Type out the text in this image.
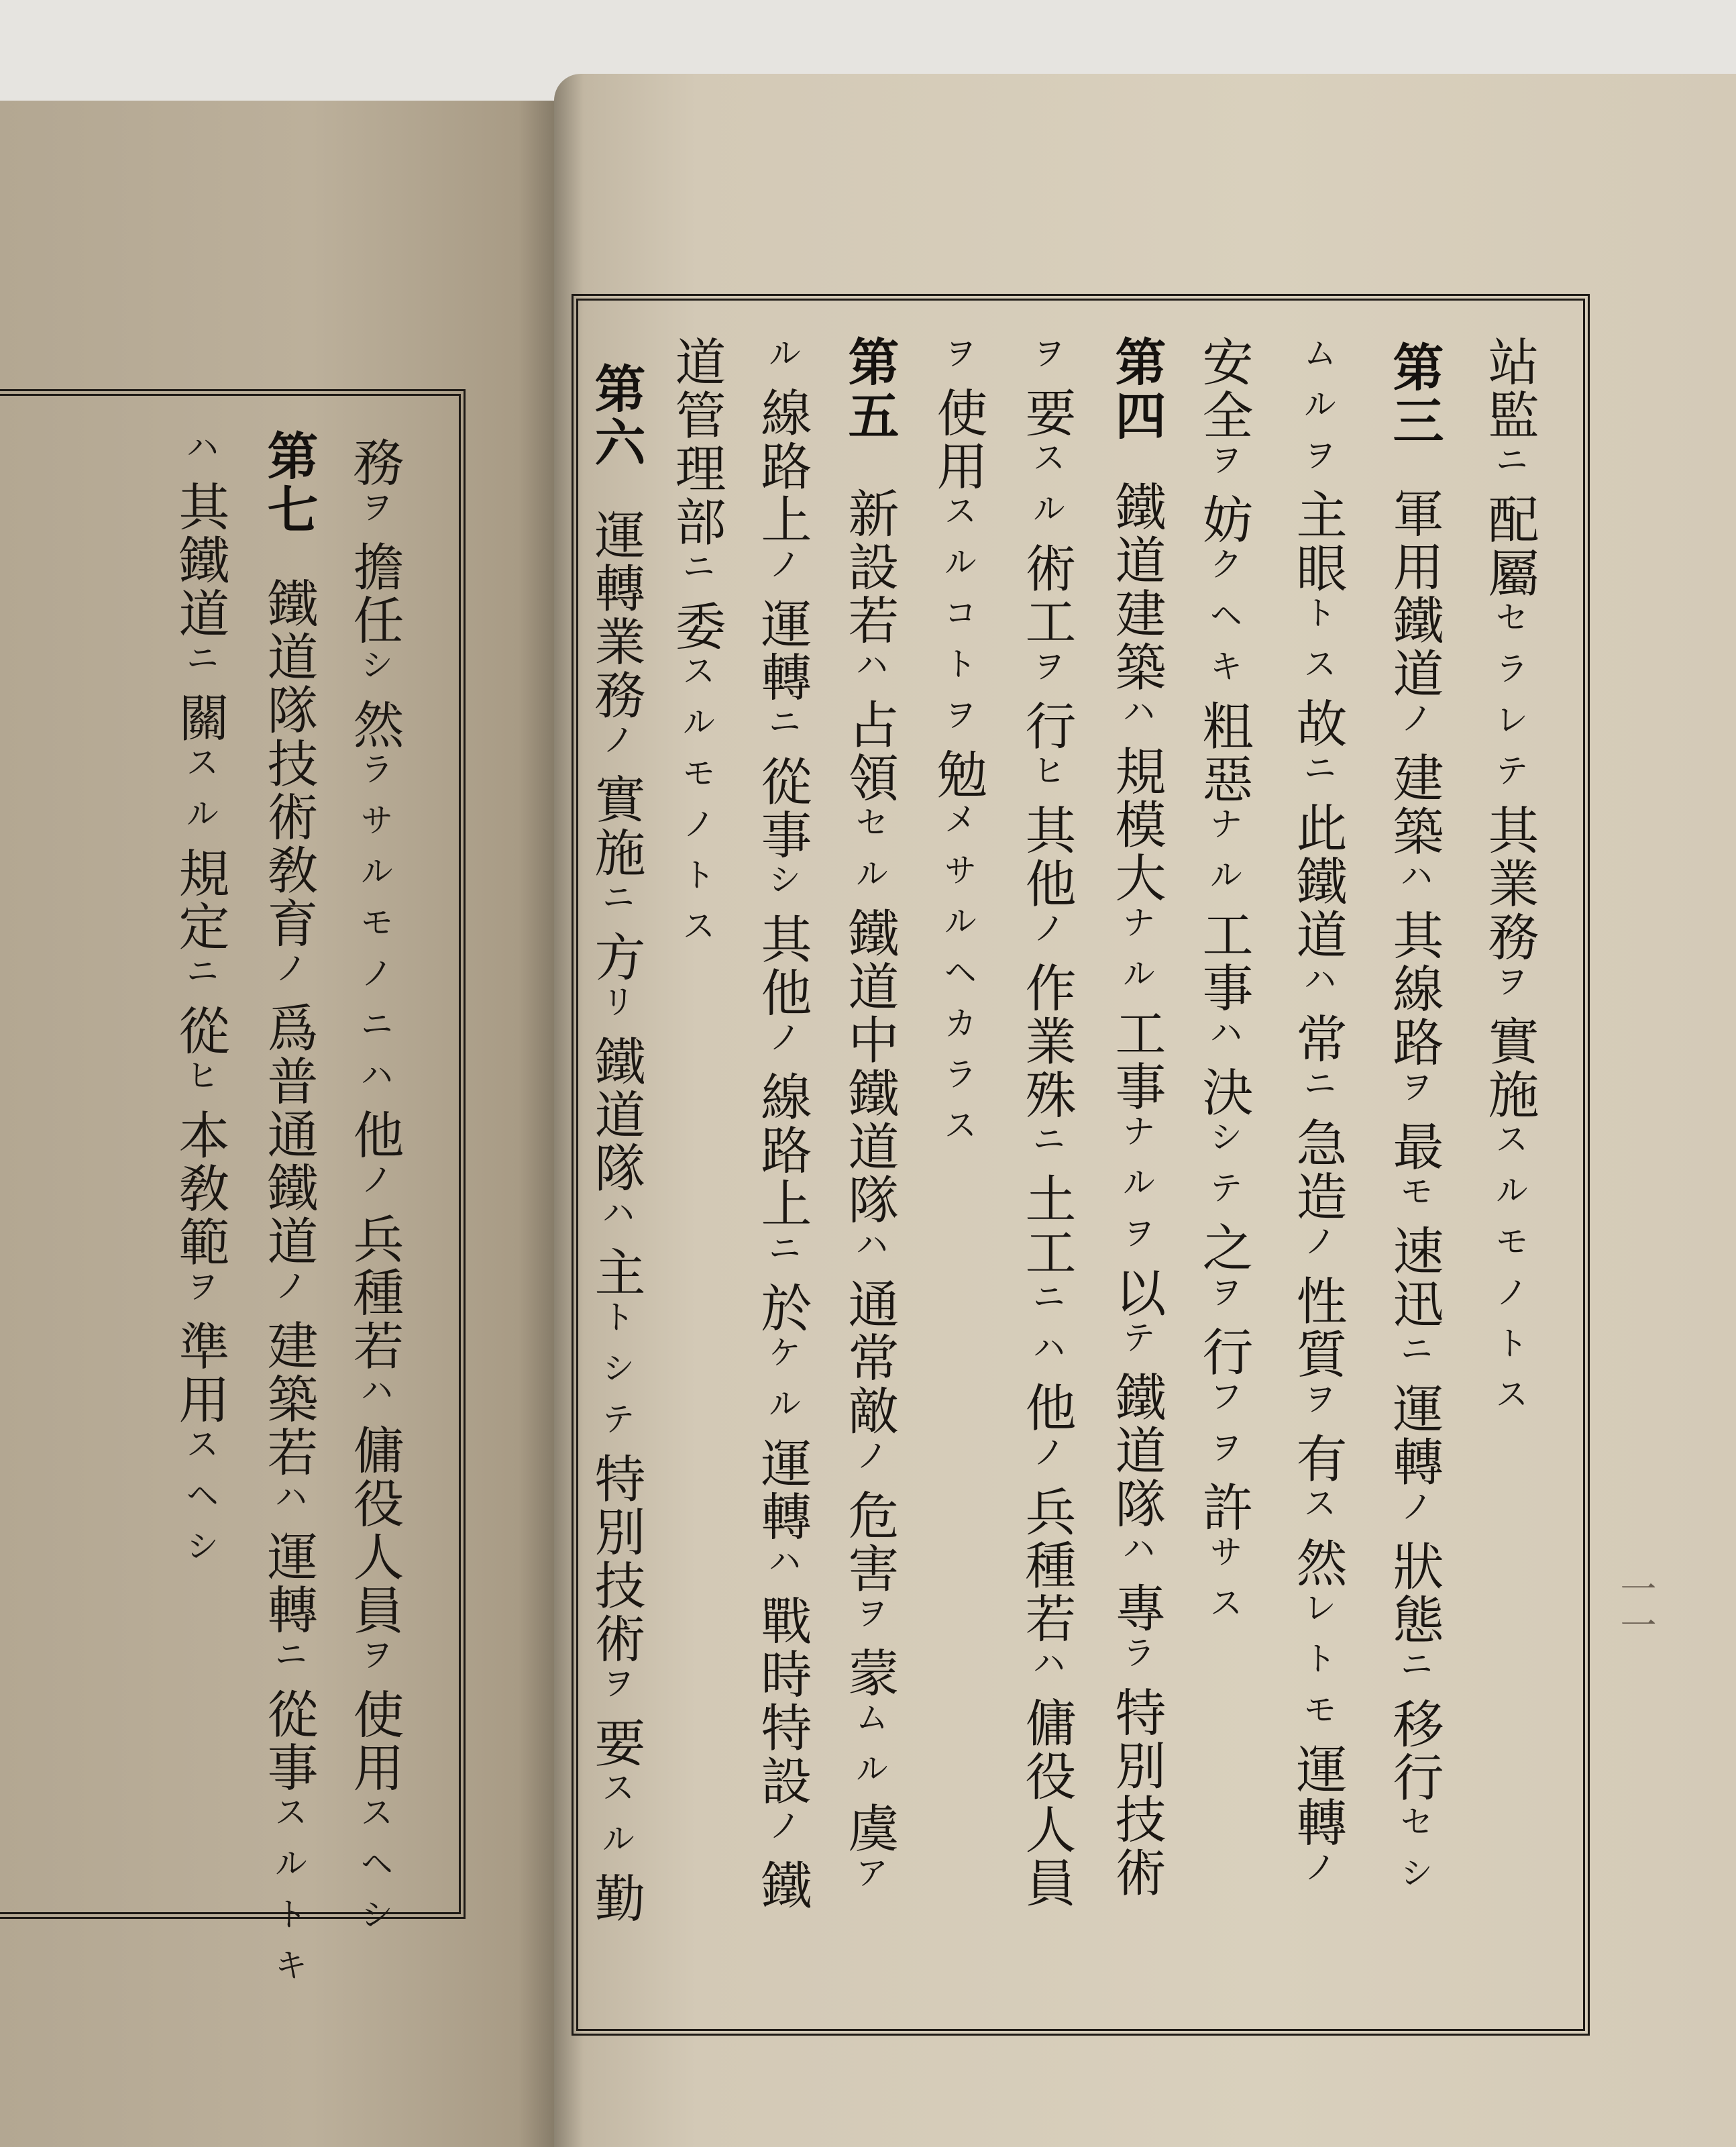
一一
站監ニ配屬セラレテ其業務ヲ實施スルモノトス
第三
軍用鐵道ノ建築ハ其線路ヲ最モ速迅ニ運轉ノ狀態ニ移行セシ
ムルヲ主眼トス故ニ此鐵道ハ常ニ急造ノ性質ヲ有ス然レトモ運轉ノ
安全ヲ妨クヘキ粗惡ナル工事ハ決シテ之ヲ行フヲ許サス
第四
鐵道建築ハ規模大ナル工事ナルヲ以テ鐵道隊ハ專ラ特別技術
ヲ要スル術工ヲ行ヒ其他ノ作業殊ニ土工ニハ他ノ兵種若ハ傭役人員
ヲ使用スルコトヲ勉メサルヘカラス
第五
新設若ハ占領セル鐵道中鐵道隊ハ通常敵ノ危害ヲ蒙ムル虞ア
ル線路上ノ運轉ニ從事シ其他ノ線路上ニ於ケル運轉ハ戰時特設ノ鐵
道管理部ニ委スルモノトス
第六
運轉業務ノ實施ニ方リ鐵道隊ハ主トシテ特別技術ヲ要スル勤
務ヲ擔任シ然ラサルモノニハ他ノ兵種若ハ傭役人員ヲ使用スヘシ
第七
鐵道隊技術敎育ノ爲普通鐵道ノ建築若ハ運轉ニ從事スルトキ
ハ其鐵道ニ關スル規定ニ從ヒ本敎範ヲ準用スヘシ
